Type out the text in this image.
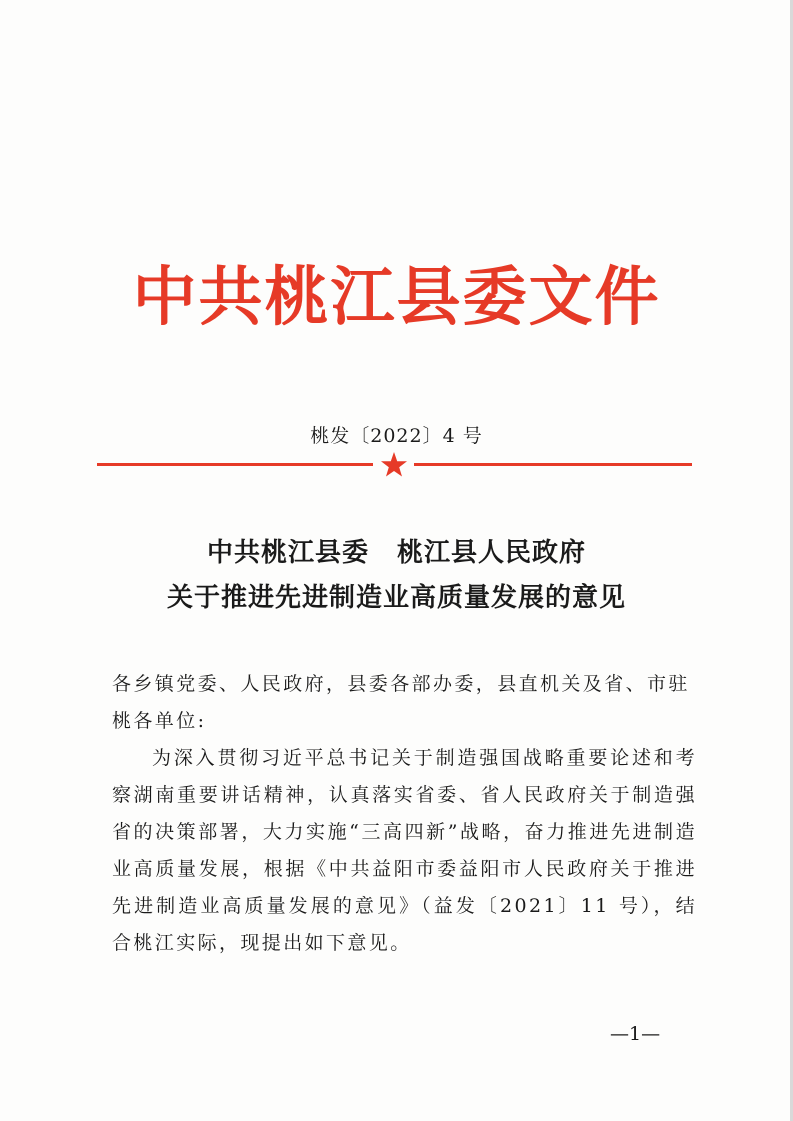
中共桃江县委文件
桃发〔2022〕4 号
中共桃江县委 桃江县人民政府
关于推进先进制造业高质量发展的意见
各乡镇党委、人民政府，县委各部办委，县直机关及省、市驻桃各单位:
为深入贯彻习近平总书记关于制造强国战略重要论述和考察湖南重要讲话精神，认真落实省委、省人民政府关于制造强省的决策部署，大力实施“三高四新”战略，奋力推进先进制造业高质量发展，根据《中共益阳市委益阳市人民政府关于推进先进制造业高质量发展的意见》（益发〔2021〕11 号），结合桃江实际，现提出如下意见。
—1—
